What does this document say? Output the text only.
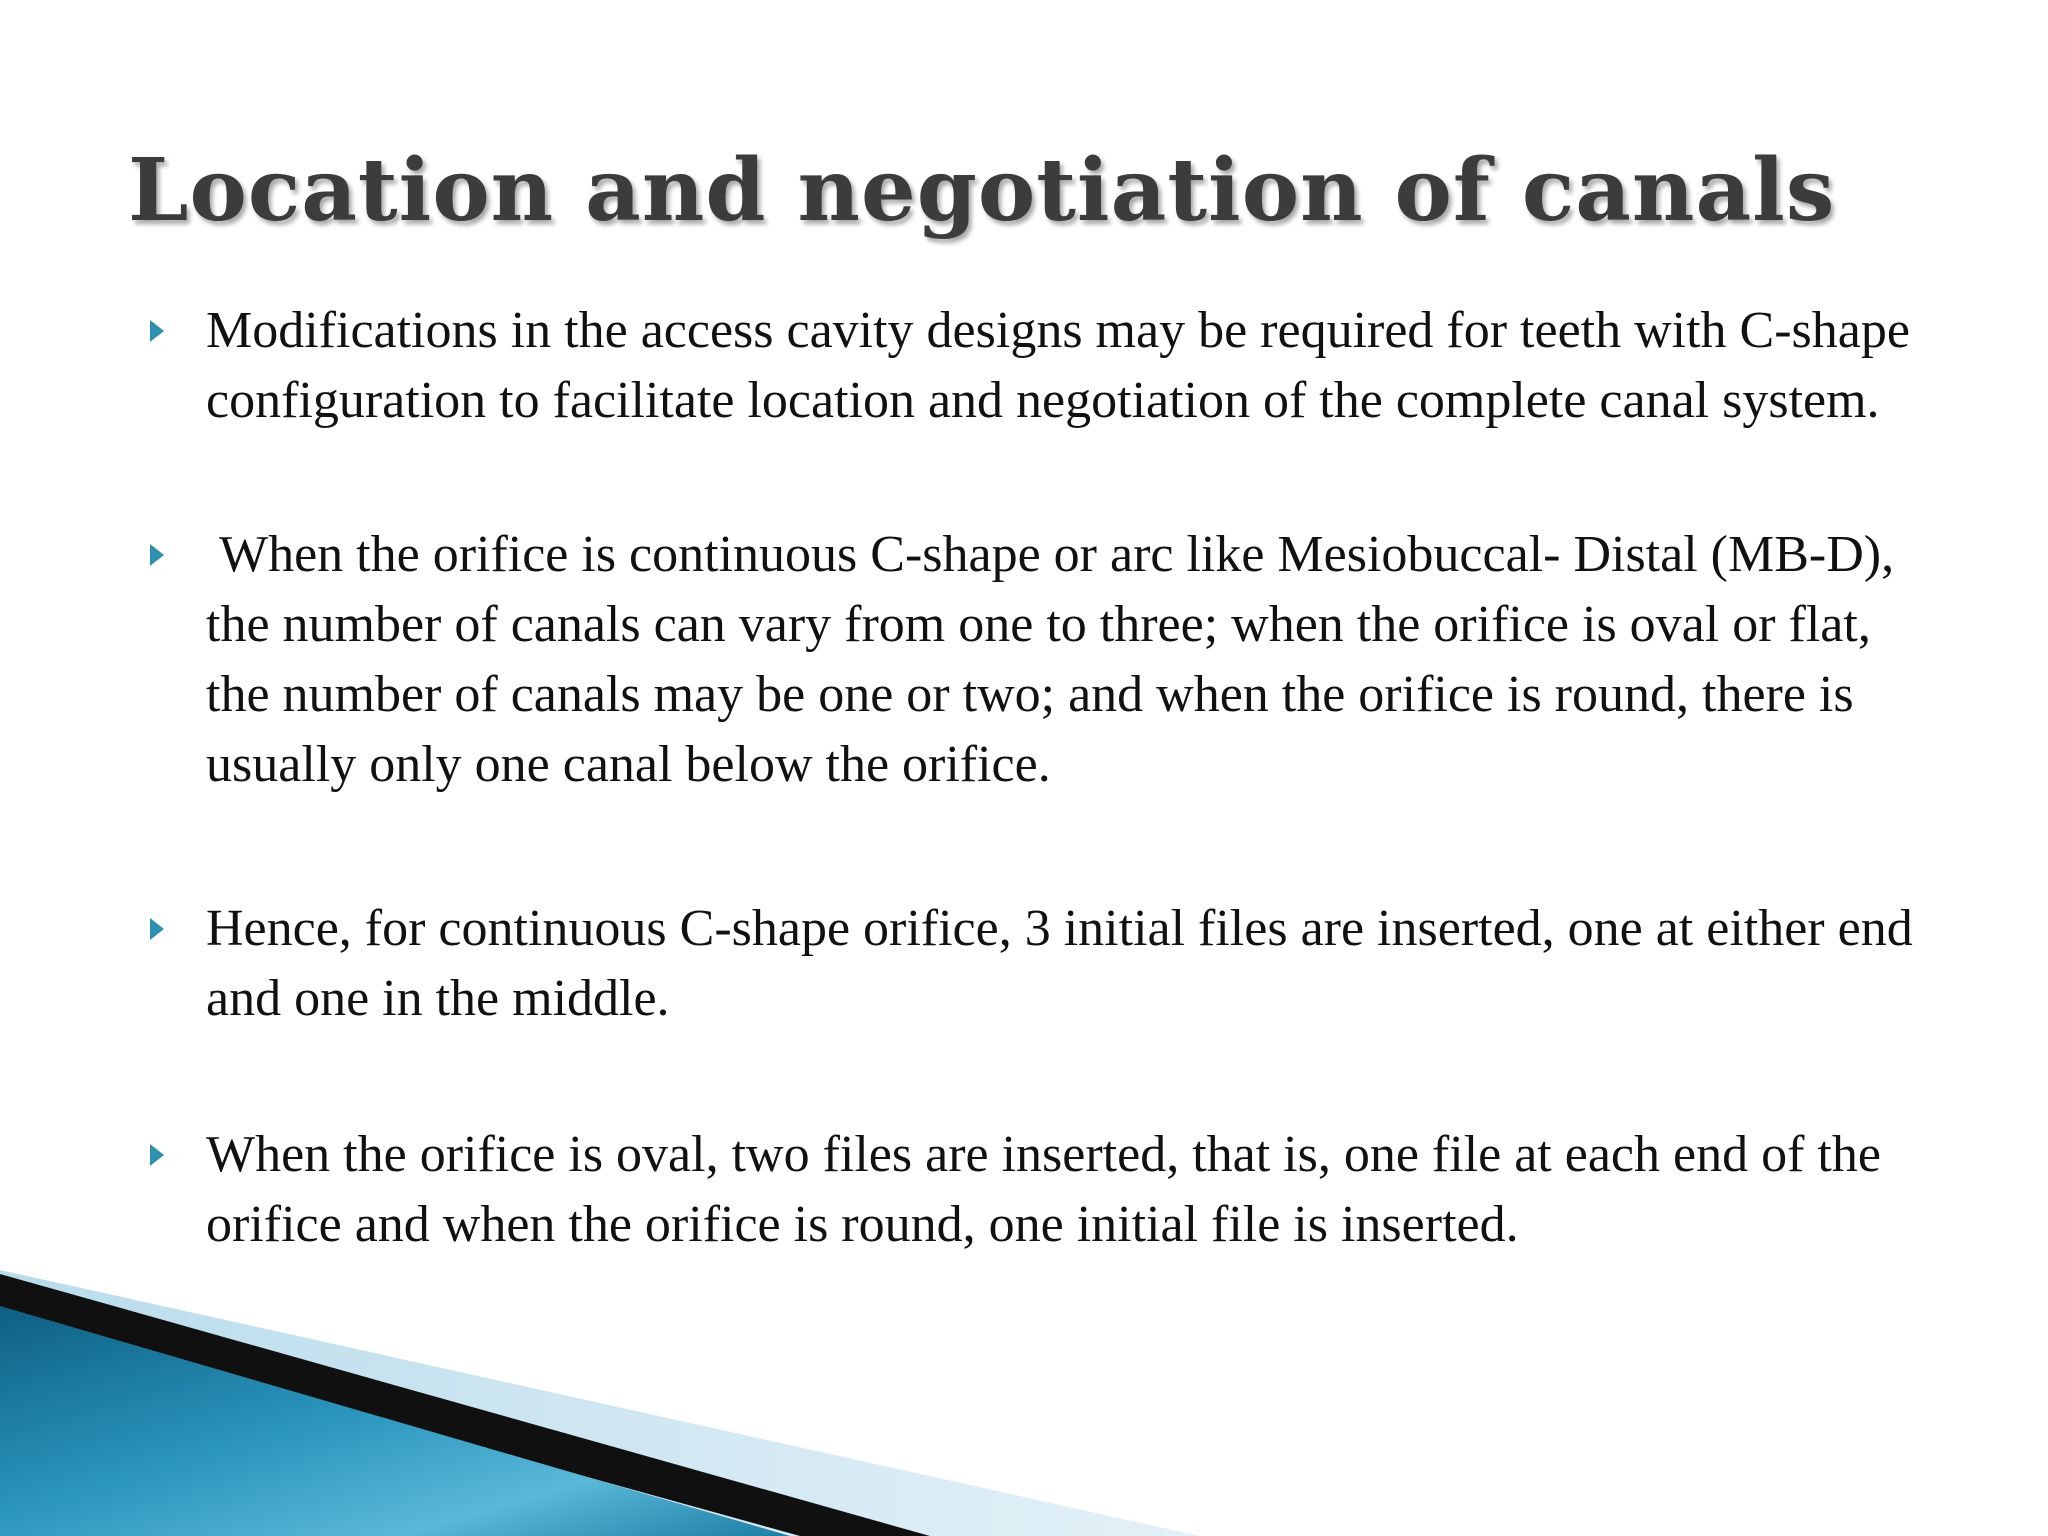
Location and negotiation of canals
Modifications in the access cavity designs may be required for teeth with C-shape configuration to facilitate location and negotiation of the complete canal system.
When the orifice is continuous C-shape or arc like Mesiobuccal- Distal (MB-D), the number of canals can vary from one to three; when the orifice is oval or flat, the number of canals may be one or two; and when the orifice is round, there is usually only one canal below the orifice.
Hence, for continuous C-shape orifice, 3 initial files are inserted, one at either end and one in the middle.
When the orifice is oval, two files are inserted, that is, one file at each end of the orifice and when the orifice is round, one initial file is inserted.
